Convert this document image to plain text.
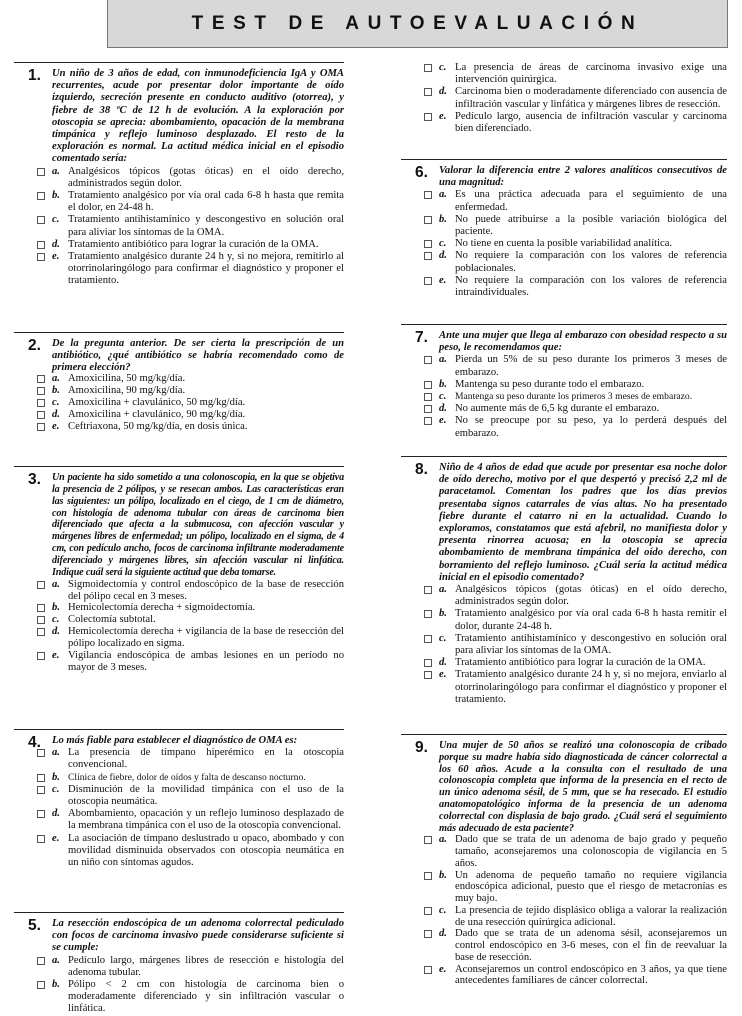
TEST DE AUTOEVALUACIÓN
1. Un niño de 3 años de edad, con inmunodeficiencia IgA y OMA recurrentes, acude por presentar dolor importante de oído izquierdo, secreción presente en conducto auditivo (otorrea), y fiebre de 38 ºC de 12 h de evolución. A la exploración por otoscopia se aprecia: abombamiento, opacación de la membrana timpánica y reflejo luminoso desplazado. El resto de la exploración es normal. La actitud médica inicial en el episodio comentado sería:
a. Analgésicos tópicos (gotas óticas) en el oído derecho, administrados según dolor.
b. Tratamiento analgésico por vía oral cada 6-8 h hasta que remita el dolor, en 24-48 h.
c. Tratamiento antihistamínico y descongestivo en solución oral para aliviar los síntomas de la OMA.
d. Tratamiento antibiótico para lograr la curación de la OMA.
e. Tratamiento analgésico durante 24 h y, si no mejora, remitirlo al otorrinolaringólogo para confirmar el diagnóstico y proponer el tratamiento.
2. De la pregunta anterior. De ser cierta la prescripción de un antibiótico, ¿qué antibiótico se habría recomendado como de primera elección?
a. Amoxicilina, 50 mg/kg/día.
b. Amoxicilina, 90 mg/kg/día.
c. Amoxicilina + clavulánico, 50 mg/kg/día.
d. Amoxicilina + clavulánico, 90 mg/kg/día.
e. Ceftriaxona, 50 mg/kg/día, en dosis única.
3. Un paciente ha sido sometido a una colonoscopia, en la que se objetiva la presencia de 2 pólipos, y se resecan ambos. Las características eran las siguientes: un pólipo, localizado en el ciego, de 1 cm de diámetro, con histología de adenoma tubular con áreas de carcinoma bien diferenciado que afecta a la submucosa, con afección vascular y márgenes libres de enfermedad; un pólipo, localizado en el sigma, de 4 cm, con pedículo ancho, focos de carcinoma infiltrante moderadamente diferenciado y márgenes libres, sin afección vascular ni linfática. Indique cuál será la siguiente actitud que deba tomarse.
a. Sigmoidectomía y control endoscópico de la base de resección del pólipo cecal en 3 meses.
b. Hemicolectomía derecha + sigmoidectomía.
c. Colectomía subtotal.
d. Hemicolectomía derecha + vigilancia de la base de resección del pólipo localizado en sigma.
e. Vigilancia endoscópica de ambas lesiones en un período no mayor de 3 meses.
4. Lo más fiable para establecer el diagnóstico de OMA es:
a. La presencia de tímpano hiperémico en la otoscopia convencional.
b. Clínica de fiebre, dolor de oídos y falta de descanso nocturno.
c. Disminución de la movilidad timpánica con el uso de la otoscopia neumática.
d. Abombamiento, opacación y un reflejo luminoso desplazado de la membrana timpánica con el uso de la otoscopia convencional.
e. La asociación de tímpano deslustrado u opaco, abombado y con movilidad disminuida observados con otoscopia neumática en un niño con síntomas agudos.
5. La resección endoscópica de un adenoma colorrectal pediculado con focos de carcinoma invasivo puede considerarse suficiente si se cumple:
a. Pedículo largo, márgenes libres de resección e histología del adenoma tubular.
b. Pólipo < 2 cm con histología de carcinoma bien o moderadamente diferenciado y sin infiltración vascular o linfática.
c. La presencia de áreas de carcinoma invasivo exige una intervención quirúrgica.
d. Carcinoma bien o moderadamente diferenciado con ausencia de infiltración vascular y linfática y márgenes libres de resección.
e. Pedículo largo, ausencia de infiltración vascular y carcinoma bien diferenciado.
6. Valorar la diferencia entre 2 valores analíticos consecutivos de una magnitud:
a. Es una práctica adecuada para el seguimiento de una enfermedad.
b. No puede atribuirse a la posible variación biológica del paciente.
c. No tiene en cuenta la posible variabilidad analítica.
d. No requiere la comparación con los valores de referencia poblacionales.
e. No requiere la comparación con los valores de referencia intraindividuales.
7. Ante una mujer que llega al embarazo con obesidad respecto a su peso, le recomendamos que:
a. Pierda un 5% de su peso durante los primeros 3 meses de embarazo.
b. Mantenga su peso durante todo el embarazo.
c. Mantenga su peso durante los primeros 3 meses de embarazo.
d. No aumente más de 6,5 kg durante el embarazo.
e. No se preocupe por su peso, ya lo perderá después del embarazo.
8. Niño de 4 años de edad que acude por presentar esa noche dolor de oído derecho, motivo por el que despertó y precisó 2,2 ml de paracetamol. Comentan los padres que los días previos presentaba signos catarrales de vías altas. No ha presentado fiebre durante el catarro ni en la actualidad. Cuando lo exploramos, constatamos que está afebril, no manifiesta dolor y presenta rinorrea acuosa; en la otoscopia se aprecia abombamiento de membrana timpánica del oído derecho, con borramiento del reflejo luminoso. ¿Cuál sería la actitud médica inicial en el episodio comentado?
a. Analgésicos tópicos (gotas óticas) en el oído derecho, administrados según dolor.
b. Tratamiento analgésico por vía oral cada 6-8 h hasta remitir el dolor, durante 24-48 h.
c. Tratamiento antihistamínico y descongestivo en solución oral para aliviar los síntomas de la OMA.
d. Tratamiento antibiótico para lograr la curación de la OMA.
e. Tratamiento analgésico durante 24 h y, si no mejora, enviarlo al otorrinolaringólogo para confirmar el diagnóstico y proponer el tratamiento.
9. Una mujer de 50 años se realizó una colonoscopia de cribado porque su madre había sido diagnosticada de cáncer colorrectal a los 60 años. Acude a la consulta con el resultado de una colonoscopia completa que informa de la presencia en el recto de un único adenoma sésil, de 5 mm, que se ha resecado. El estudio anatomopatológico informa de la presencia de un adenoma colorrectal con displasia de bajo grado. ¿Cuál será el seguimiento más adecuado de esta paciente?
a. Dado que se trata de un adenoma de bajo grado y pequeño tamaño, aconsejaremos una colonoscopia de vigilancia en 5 años.
b. Un adenoma de pequeño tamaño no requiere vigilancia endoscópica adicional, puesto que el riesgo de metacronías es muy bajo.
c. La presencia de tejido displásico obliga a valorar la realización de una resección quirúrgica adicional.
d. Dado que se trata de un adenoma sésil, aconsejaremos un control endoscópico en 3-6 meses, con el fin de reevaluar la base de resección.
e. Aconsejaremos un control endoscópico en 3 años, ya que tiene antecedentes familiares de cáncer colorrectal.
